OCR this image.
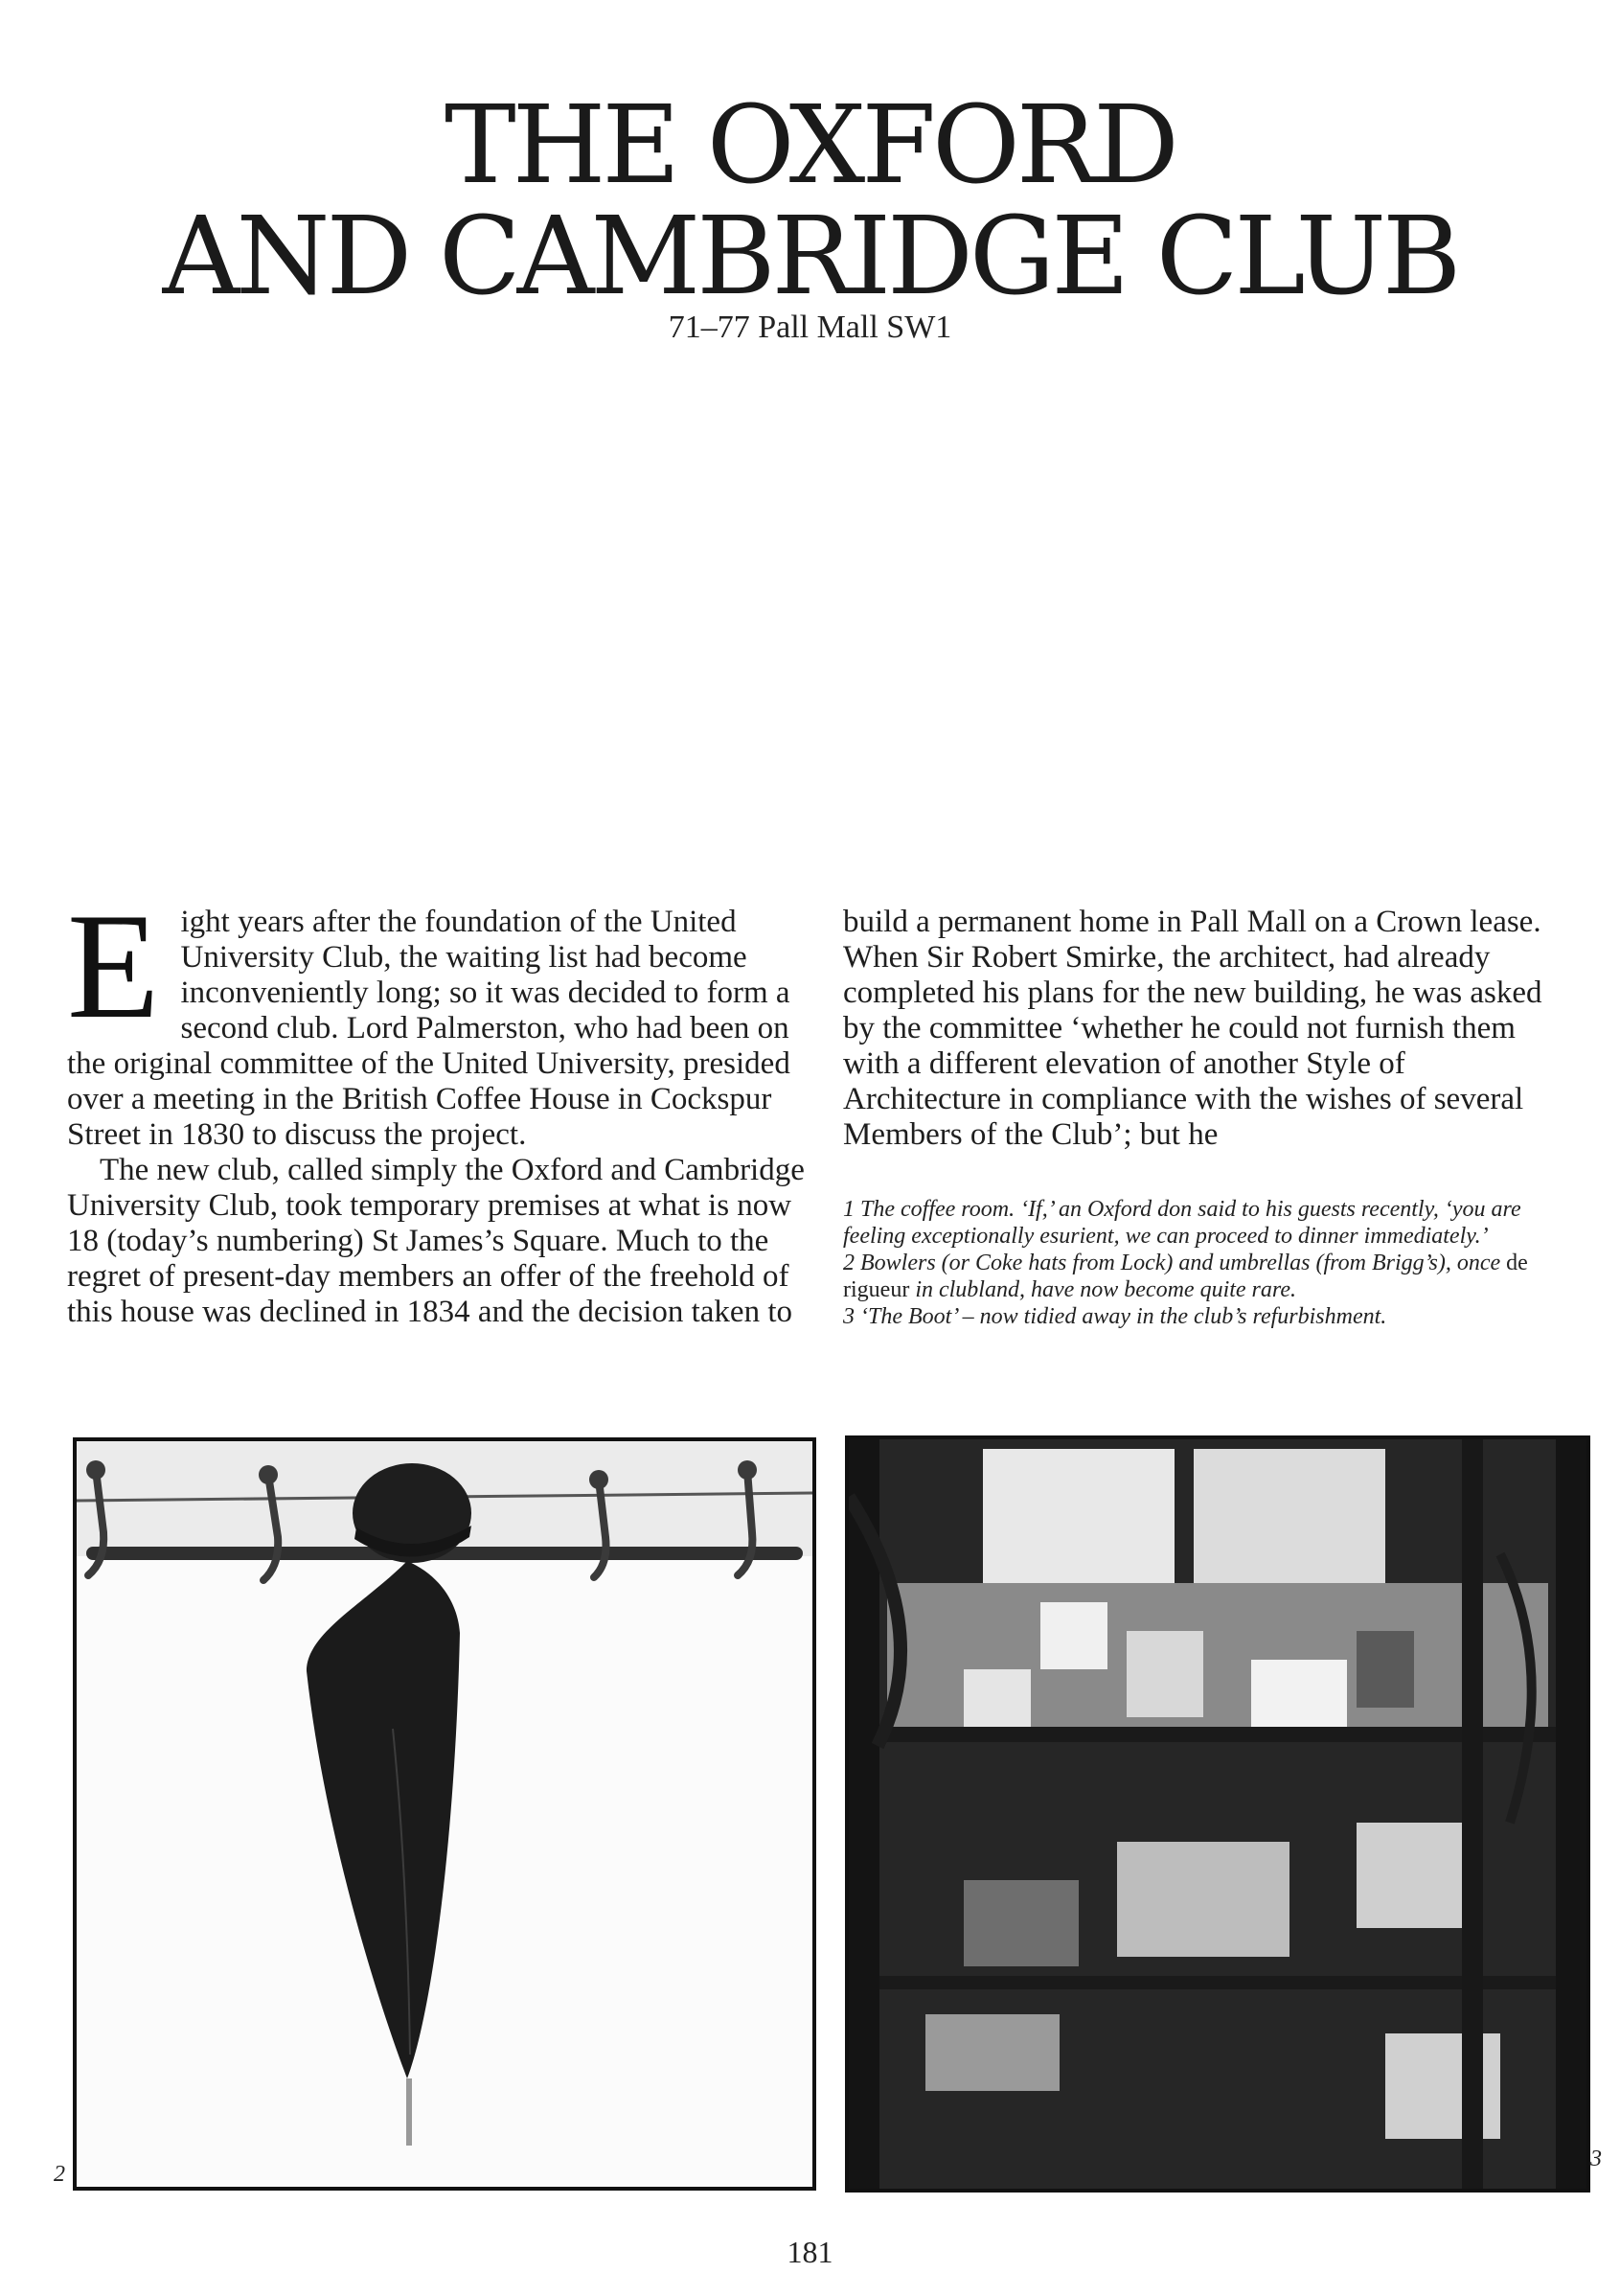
THE OXFORD
AND CAMBRIDGE CLUB
71–77 Pall Mall SW1

Eight years after the foundation of the United University Club, the waiting list had become inconveniently long; so it was decided to form a second club. Lord Palmerston, who had been on the original committee of the United University, presided over a meeting in the British Coffee House in Cockspur Street in 1830 to discuss the project.

The new club, called simply the Oxford and Cambridge University Club, took temporary premises at what is now 18 (today’s numbering) St James’s Square. Much to the regret of present-day members an offer of the freehold of this house was declined in 1834 and the decision taken to

build a permanent home in Pall Mall on a Crown lease. When Sir Robert Smirke, the architect, had already completed his plans for the new building, he was asked by the committee ‘whether he could not furnish them with a different elevation of another Style of Architecture in compliance with the wishes of several Members of the Club’; but he

1 The coffee room. ‘If,’ an Oxford don said to his guests recently, ‘you are feeling exceptionally esurient, we can proceed to dinner immediately.’

2 Bowlers (or Coke hats from Lock) and umbrellas (from Brigg’s), once de rigueur in clubland, have now become quite rare.

3 ‘The Boot’ – now tidied away in the club’s refurbishment.

2
3
181
